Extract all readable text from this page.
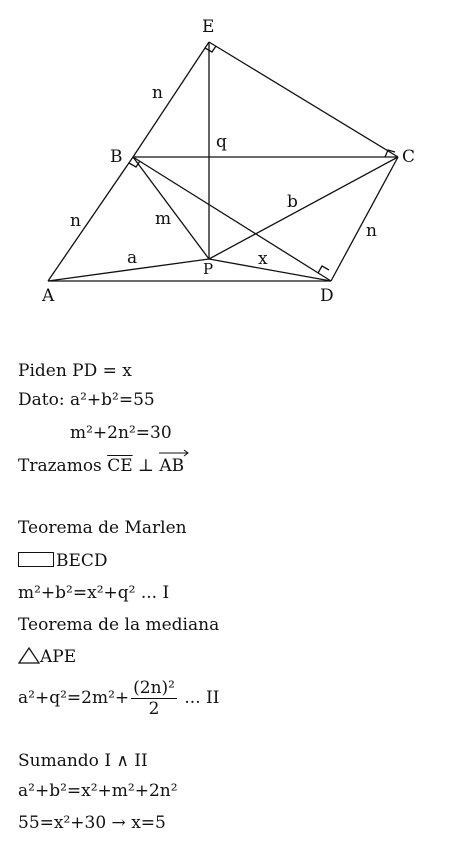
E
B	C
A
P
D
n
n	n
q
m
b
a	x
Piden PD = x
Dato: a²+b²=55
m²+2n²=30
Trazamos $\overline{CE}$ ⊥
AB
Teorema de Marlen
BECD
m²+b²=x²+q² ... I
Teorema de la mediana
APE
$a^2+q^2=2m^2+ \frac{\text{(2n)²}}{2}$ ... II
Sumando I ∧ II
a²+b²=x²+m²+2n²
55=x²+30 → x=5
